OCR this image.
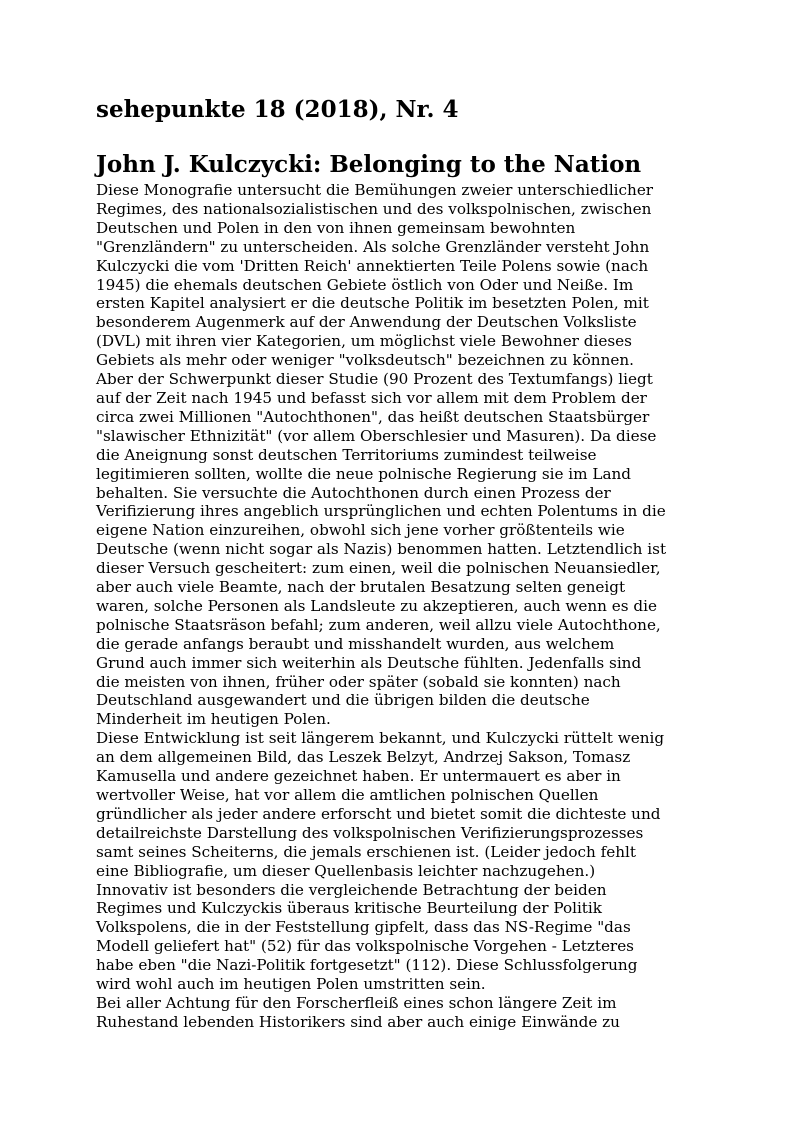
sehepunkte 18 (2018), Nr. 4
John J. Kulczycki: Belonging to the Nation
Diese Monografie untersucht die Bemühungen zweier unterschiedlicher
Regimes, des nationalsozialistischen und des volkspolnischen, zwischen
Deutschen und Polen in den von ihnen gemeinsam bewohnten
"Grenzländern" zu unterscheiden. Als solche Grenzländer versteht John
Kulczycki die vom 'Dritten Reich' annektierten Teile Polens sowie (nach
1945) die ehemals deutschen Gebiete östlich von Oder und Neiße. Im
ersten Kapitel analysiert er die deutsche Politik im besetzten Polen, mit
besonderem Augenmerk auf der Anwendung der Deutschen Volksliste
(DVL) mit ihren vier Kategorien, um möglichst viele Bewohner dieses
Gebiets als mehr oder weniger "volksdeutsch" bezeichnen zu können.
Aber der Schwerpunkt dieser Studie (90 Prozent des Textumfangs) liegt
auf der Zeit nach 1945 und befasst sich vor allem mit dem Problem der
circa zwei Millionen "Autochthonen", das heißt deutschen Staatsbürger
"slawischer Ethnizität" (vor allem Oberschlesier und Masuren). Da diese
die Aneignung sonst deutschen Territoriums zumindest teilweise
legitimieren sollten, wollte die neue polnische Regierung sie im Land
behalten. Sie versuchte die Autochthonen durch einen Prozess der
Verifizierung ihres angeblich ursprünglichen und echten Polentums in die
eigene Nation einzureihen, obwohl sich jene vorher größtenteils wie
Deutsche (wenn nicht sogar als Nazis) benommen hatten. Letztendlich ist
dieser Versuch gescheitert: zum einen, weil die polnischen Neuansiedler,
aber auch viele Beamte, nach der brutalen Besatzung selten geneigt
waren, solche Personen als Landsleute zu akzeptieren, auch wenn es die
polnische Staatsräson befahl; zum anderen, weil allzu viele Autochthone,
die gerade anfangs beraubt und misshandelt wurden, aus welchem
Grund auch immer sich weiterhin als Deutsche fühlten. Jedenfalls sind
die meisten von ihnen, früher oder später (sobald sie konnten) nach
Deutschland ausgewandert und die übrigen bilden die deutsche
Minderheit im heutigen Polen.
Diese Entwicklung ist seit längerem bekannt, und Kulczycki rüttelt wenig
an dem allgemeinen Bild, das Leszek Belzyt, Andrzej Sakson, Tomasz
Kamusella und andere gezeichnet haben. Er untermauert es aber in
wertvoller Weise, hat vor allem die amtlichen polnischen Quellen
gründlicher als jeder andere erforscht und bietet somit die dichteste und
detailreichste Darstellung des volkspolnischen Verifizierungsprozesses
samt seines Scheiterns, die jemals erschienen ist. (Leider jedoch fehlt
eine Bibliografie, um dieser Quellenbasis leichter nachzugehen.)
Innovativ ist besonders die vergleichende Betrachtung der beiden
Regimes und Kulczyckis überaus kritische Beurteilung der Politik
Volkspolens, die in der Feststellung gipfelt, dass das NS-Regime "das
Modell geliefert hat" (52) für das volkspolnische Vorgehen - Letzteres
habe eben "die Nazi-Politik fortgesetzt" (112). Diese Schlussfolgerung
wird wohl auch im heutigen Polen umstritten sein.
Bei aller Achtung für den Forscherfleiß eines schon längere Zeit im
Ruhestand lebenden Historikers sind aber auch einige Einwände zu
